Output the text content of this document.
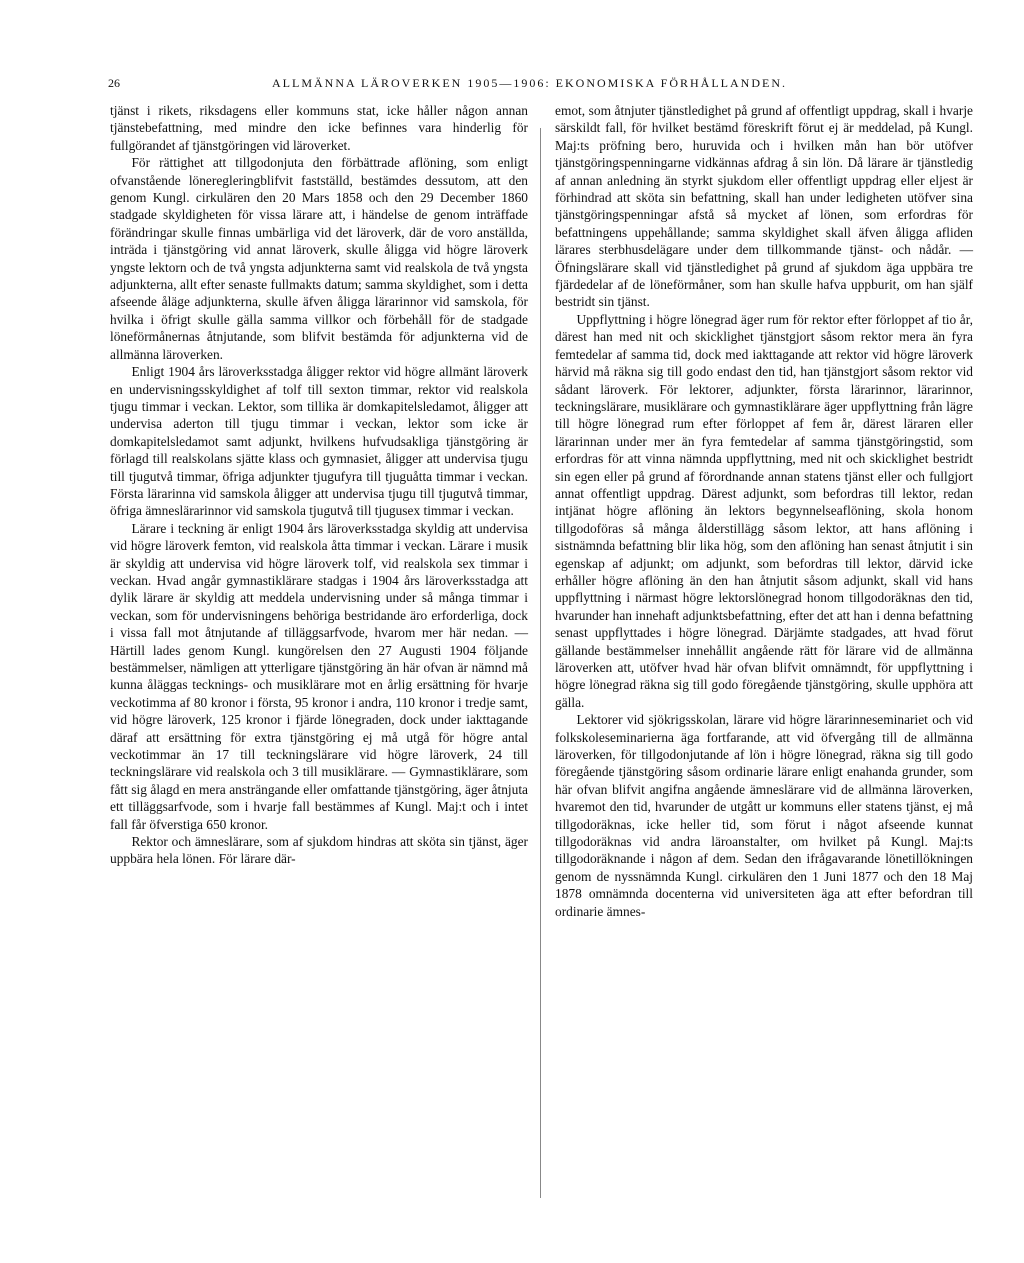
26	ALLMÄNNA LÄROVERKEN 1905—1906: EKONOMISKA FÖRHÅLLANDEN.

tjänst i rikets, riksdagens eller kommuns stat, icke håller någon annan tjänstebefattning, med mindre den icke befinnes vara hinderlig för fullgörandet af tjänstgöringen vid läroverket.

För rättighet att tillgodonjuta den förbättrade aflöning, som enligt ofvanstående löneregleringblifvit fastställd, bestämdes dessutom, att den genom Kungl. cirkulären den 20 Mars 1858 och den 29 December 1860 stadgade skyldigheten för vissa lärare att, i händelse de genom inträffade förändringar skulle finnas umbärliga vid det läroverk, där de voro anställda, inträda i tjänstgöring vid annat läroverk, skulle åligga vid högre läroverk yngste lektorn och de två yngsta adjunkterna samt vid realskola de två yngsta adjunkterna, allt efter senaste fullmakts datum; samma skyldighet, som i detta afseende åläge adjunkterna, skulle äfven åligga lärarinnor vid samskola, för hvilka i öfrigt skulle gälla samma villkor och förbehåll för de stadgade löneförmånernas åtnjutande, som blifvit bestämda för adjunkterna vid de allmänna läroverken.

Enligt 1904 års läroverksstadga åligger rektor vid högre allmänt läroverk en undervisningsskyldighet af tolf till sexton timmar, rektor vid realskola tjugu timmar i veckan. Lektor, som tillika är domkapitelsledamot, åligger att undervisa aderton till tjugu timmar i veckan, lektor som icke är domkapitelsledamot samt adjunkt, hvilkens hufvudsakliga tjänstgöring är förlagd till realskolans sjätte klass och gymnasiet, åligger att undervisa tjugu till tjugutvå timmar, öfriga adjunkter tjugufyra till tjuguåtta timmar i veckan. Första lärarinna vid samskola åligger att undervisa tjugu till tjugutvå timmar, öfriga ämneslärarinnor vid samskola tjugutvå till tjugusex timmar i veckan.

Lärare i teckning är enligt 1904 års läroverksstadga skyldig att undervisa vid högre läroverk femton, vid realskola åtta timmar i veckan. Lärare i musik är skyldig att undervisa vid högre läroverk tolf, vid realskola sex timmar i veckan. Hvad angår gymnastiklärare stadgas i 1904 års läroverksstadga att dylik lärare är skyldig att meddela undervisning under så många timmar i veckan, som för undervisningens behöriga bestridande äro erforderliga, dock i vissa fall mot åtnjutande af tilläggsarfvode, hvarom mer här nedan. — Härtill lades genom Kungl. kungörelsen den 27 Augusti 1904 följande bestämmelser, nämligen att ytterligare tjänstgöring än här ofvan är nämnd må kunna åläggas tecknings- och musiklärare mot en årlig ersättning för hvarje veckotimma af 80 kronor i första, 95 kronor i andra, 110 kronor i tredje samt, vid högre läroverk, 125 kronor i fjärde lönegraden, dock under iakttagande däraf att ersättning för extra tjänstgöring ej må utgå för högre antal veckotimmar än 17 till teckningslärare vid högre läroverk, 24 till teckningslärare vid realskola och 3 till musiklärare. — Gymnastiklärare, som fått sig ålagd en mera ansträngande eller omfattande tjänstgöring, äger åtnjuta ett tilläggsarfvode, som i hvarje fall bestämmes af Kungl. Maj:t och i intet fall får öfverstiga 650 kronor.

Rektor och ämneslärare, som af sjukdom hindras att sköta sin tjänst, äger uppbära hela lönen. För lärare där-

emot, som åtnjuter tjänstledighet på grund af offentligt uppdrag, skall i hvarje särskildt fall, för hvilket bestämd föreskrift förut ej är meddelad, på Kungl. Maj:ts pröfning bero, huruvida och i hvilken mån han bör utöfver tjänstgöringspenningarne vidkännas afdrag å sin lön. Då lärare är tjänstledig af annan anledning än styrkt sjukdom eller offentligt uppdrag eller eljest är förhindrad att sköta sin befattning, skall han under ledigheten utöfver sina tjänstgöringspenningar afstå så mycket af lönen, som erfordras för befattningens uppehållande; samma skyldighet skall äfven åligga afliden lärares sterbhusdelägare under dem tillkommande tjänst- och nådår. — Öfningslärare skall vid tjänstledighet på grund af sjukdom äga uppbära tre fjärdedelar af de löneförmåner, som han skulle hafva uppburit, om han själf bestridt sin tjänst.

Uppflyttning i högre lönegrad äger rum för rektor efter förloppet af tio år, därest han med nit och skicklighet tjänstgjort såsom rektor mera än fyra femtedelar af samma tid, dock med iakttagande att rektor vid högre läroverk härvid må räkna sig till godo endast den tid, han tjänstgjort såsom rektor vid sådant läroverk. För lektorer, adjunkter, första lärarinnor, lärarinnor, teckningslärare, musiklärare och gymnastiklärare äger uppflyttning från lägre till högre lönegrad rum efter förloppet af fem år, därest läraren eller lärarinnan under mer än fyra femtedelar af samma tjänstgöringstid, som erfordras för att vinna nämnda uppflyttning, med nit och skicklighet bestridt sin egen eller på grund af förordnande annan statens tjänst eller och fullgjort annat offentligt uppdrag. Därest adjunkt, som befordras till lektor, redan intjänat högre aflöning än lektors begynnelseaflöning, skola honom tillgodoföras så många ålderstillägg såsom lektor, att hans aflöning i sistnämnda befattning blir lika hög, som den aflöning han senast åtnjutit i sin egenskap af adjunkt; om adjunkt, som befordras till lektor, därvid icke erhåller högre aflöning än den han åtnjutit såsom adjunkt, skall vid hans uppflyttning i närmast högre lektorslönegrad honom tillgodoräknas den tid, hvarunder han innehaft adjunktsbefattning, efter det att han i denna befattning senast uppflyttades i högre lönegrad. Därjämte stadgades, att hvad förut gällande bestämmelser innehållit angående rätt för lärare vid de allmänna läroverken att, utöfver hvad här ofvan blifvit omnämndt, för uppflyttning i högre lönegrad räkna sig till godo föregående tjänstgöring, skulle upphöra att gälla.

Lektorer vid sjökrigsskolan, lärare vid högre lärarinneseminariet och vid folkskoleseminarierna äga fortfarande, att vid öfvergång till de allmänna läroverken, för tillgodonjutande af lön i högre lönegrad, räkna sig till godo föregående tjänstgöring såsom ordinarie lärare enligt enahanda grunder, som här ofvan blifvit angifna angående ämneslärare vid de allmänna läroverken, hvaremot den tid, hvarunder de utgått ur kommuns eller statens tjänst, ej må tillgodoräknas, icke heller tid, som förut i något afseende kunnat tillgodoräknas vid andra läroanstalter, om hvilket på Kungl. Maj:ts tillgodoräknande i någon af dem. Sedan den ifrågavarande lönetillökningen genom de nyssnämnda Kungl. cirkulären den 1 Juni 1877 och den 18 Maj 1878 omnämnda docenterna vid universiteten äga att efter befordran till ordinarie ämnes-
